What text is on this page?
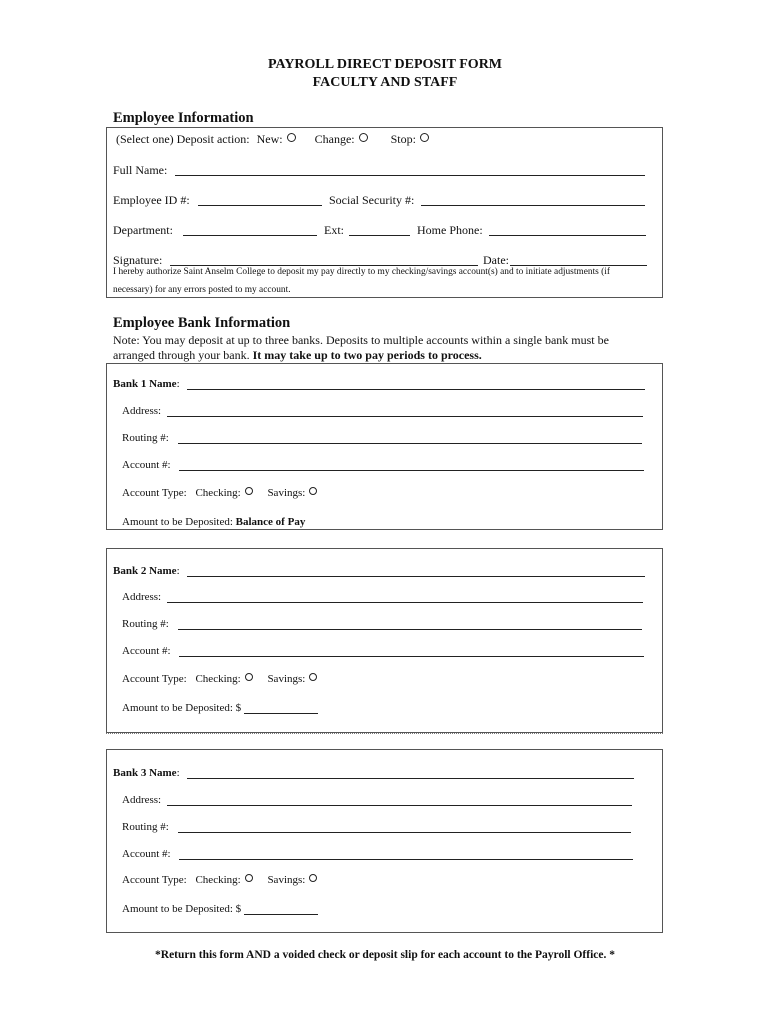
PAYROLL DIRECT DEPOSIT FORM
FACULTY AND STAFF
Employee Information
(Select one) Deposit action: New:	Change:	Stop:
Full Name:
Employee ID #:	Social Security #:
Department:	Ext:	Home Phone:
Signature:	Date:
I hereby authorize Saint Anselm College to deposit my pay directly to my checking/savings account(s) and to initiate adjustments (if
necessary) for any errors posted to my account.
Employee Bank Information
Note: You may deposit at up to three banks. Deposits to multiple accounts within a single bank must be
arranged through your bank. It may take up to two pay periods to process.
Bank 1 Name:
Address:
Routing #:
Account #:
Account Type: Checking: Savings:
Amount to be Deposited: Balance of Pay
Bank 2 Name:
Address:
Routing #:
Account #:
Account Type: Checking: Savings:
Amount to be Deposited: $
Bank 3 Name:
Address:
Routing #:
Account #:
Account Type: Checking: Savings:
Amount to be Deposited: $
*Return this form AND a voided check or deposit slip for each account to the Payroll Office. *
